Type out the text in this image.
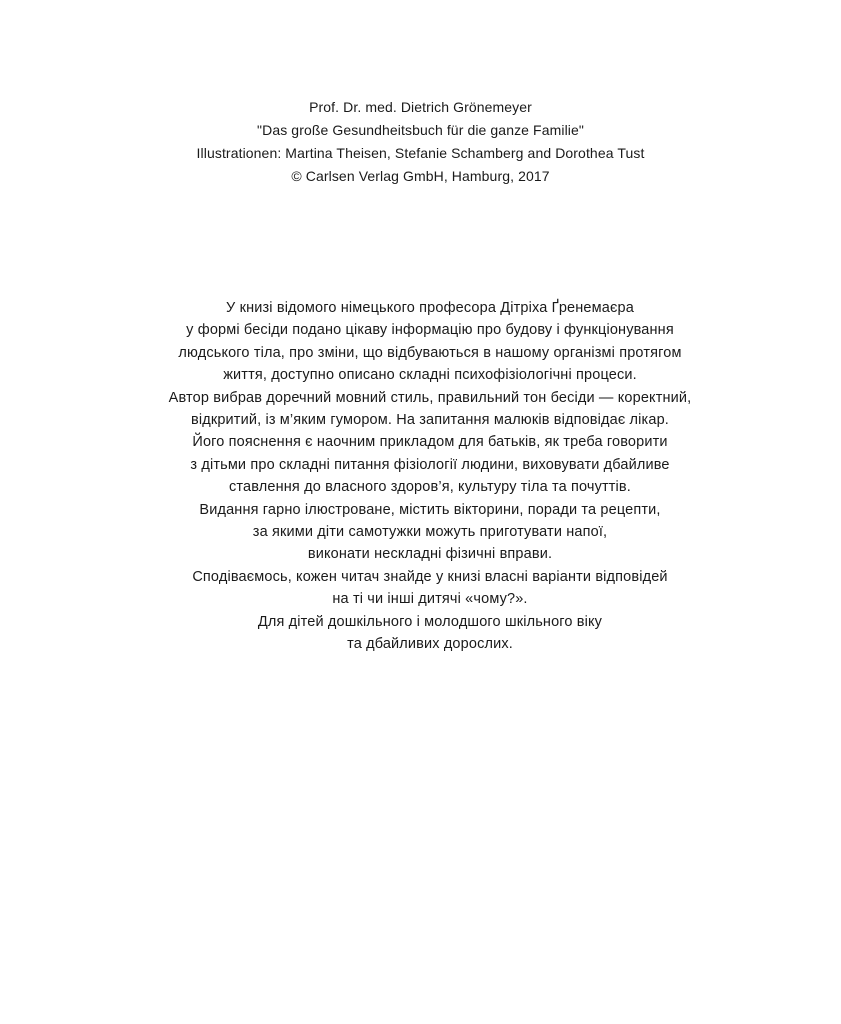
Prof. Dr. med. Dietrich Grönemeyer
"Das große Gesundheitsbuch für die ganze Familie"
Illustrationen: Martina Theisen, Stefanie Schamberg and Dorothea Tust
© Carlsen Verlag GmbH, Hamburg, 2017
У книзі відомого німецького професора Дітріха Ґренемаєра
у формі бесіди подано цікаву інформацію про будову і функціонування
людського тіла, про зміни, що відбуваються в нашому організмі протягом
життя, доступно описано складні психофізіологічні процеси.
Автор вибрав доречний мовний стиль, правильний тон бесіди — коректний,
відкритий, із м’яким гумором. На запитання малюків відповідає лікар.
Його пояснення є наочним прикладом для батьків, як треба говорити
з дітьми про складні питання фізіології людини, виховувати дбайливе
ставлення до власного здоров’я, культуру тіла та почуттів.
Видання гарно ілюстроване, містить вікторини, поради та рецепти,
за якими діти самотужки можуть приготувати напої,
виконати нескладні фізичні вправи.
Сподіваємось, кожен читач знайде у книзі власні варіанти відповідей
на ті чи інші дитячі «чому?».
Для дітей дошкільного і молодшого шкільного віку
та дбайливих дорослих.
